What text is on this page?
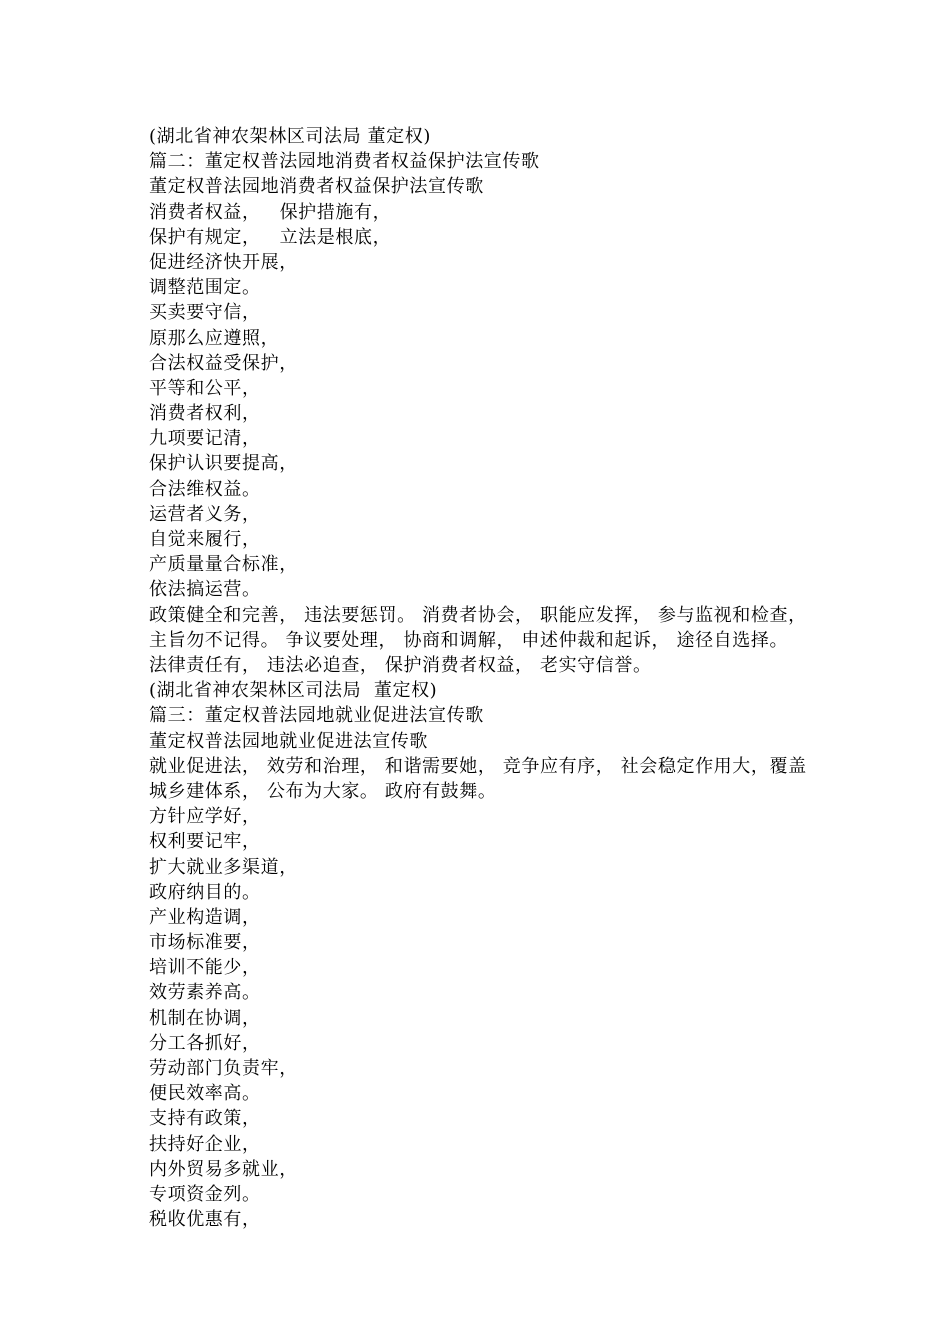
(湖北省神农架林区司法局 董定权)
篇二：董定权普法园地消费者权益保护法宣传歌
董定权普法园地消费者权益保护法宣传歌
消费者权益，   保护措施有，
保护有规定，   立法是根底，
促进经济快开展，
调整范围定。
买卖要守信，
原那么应遵照，
合法权益受保护，
平等和公平，
消费者权利，
九项要记清，
保护认识要提高，
合法维权益。
运营者义务，
自觉来履行，
产质量量合标准，
依法搞运营。
政策健全和完善， 违法要惩罚。 消费者协会， 职能应发挥， 参与监视和检查， 主旨勿不记得。 争议要处理， 协商和调解， 申述仲裁和起诉， 途径自选择。 法律责任有， 违法必追查， 保护消费者权益， 老实守信誉。
(湖北省神农架林区司法局  董定权)
篇三：董定权普法园地就业促进法宣传歌
董定权普法园地就业促进法宣传歌
就业促进法， 效劳和治理， 和谐需要她， 竞争应有序， 社会稳定作用大，覆盖城乡建体系， 公布为大家。 政府有鼓舞。
方针应学好，
权利要记牢，
扩大就业多渠道，
政府纳目的。
产业构造调，
市场标准要，
培训不能少，
效劳素养高。
机制在协调，
分工各抓好，
劳动部门负责牢，
便民效率高。
支持有政策，
扶持好企业，
内外贸易多就业，
专项资金列。
税收优惠有，
